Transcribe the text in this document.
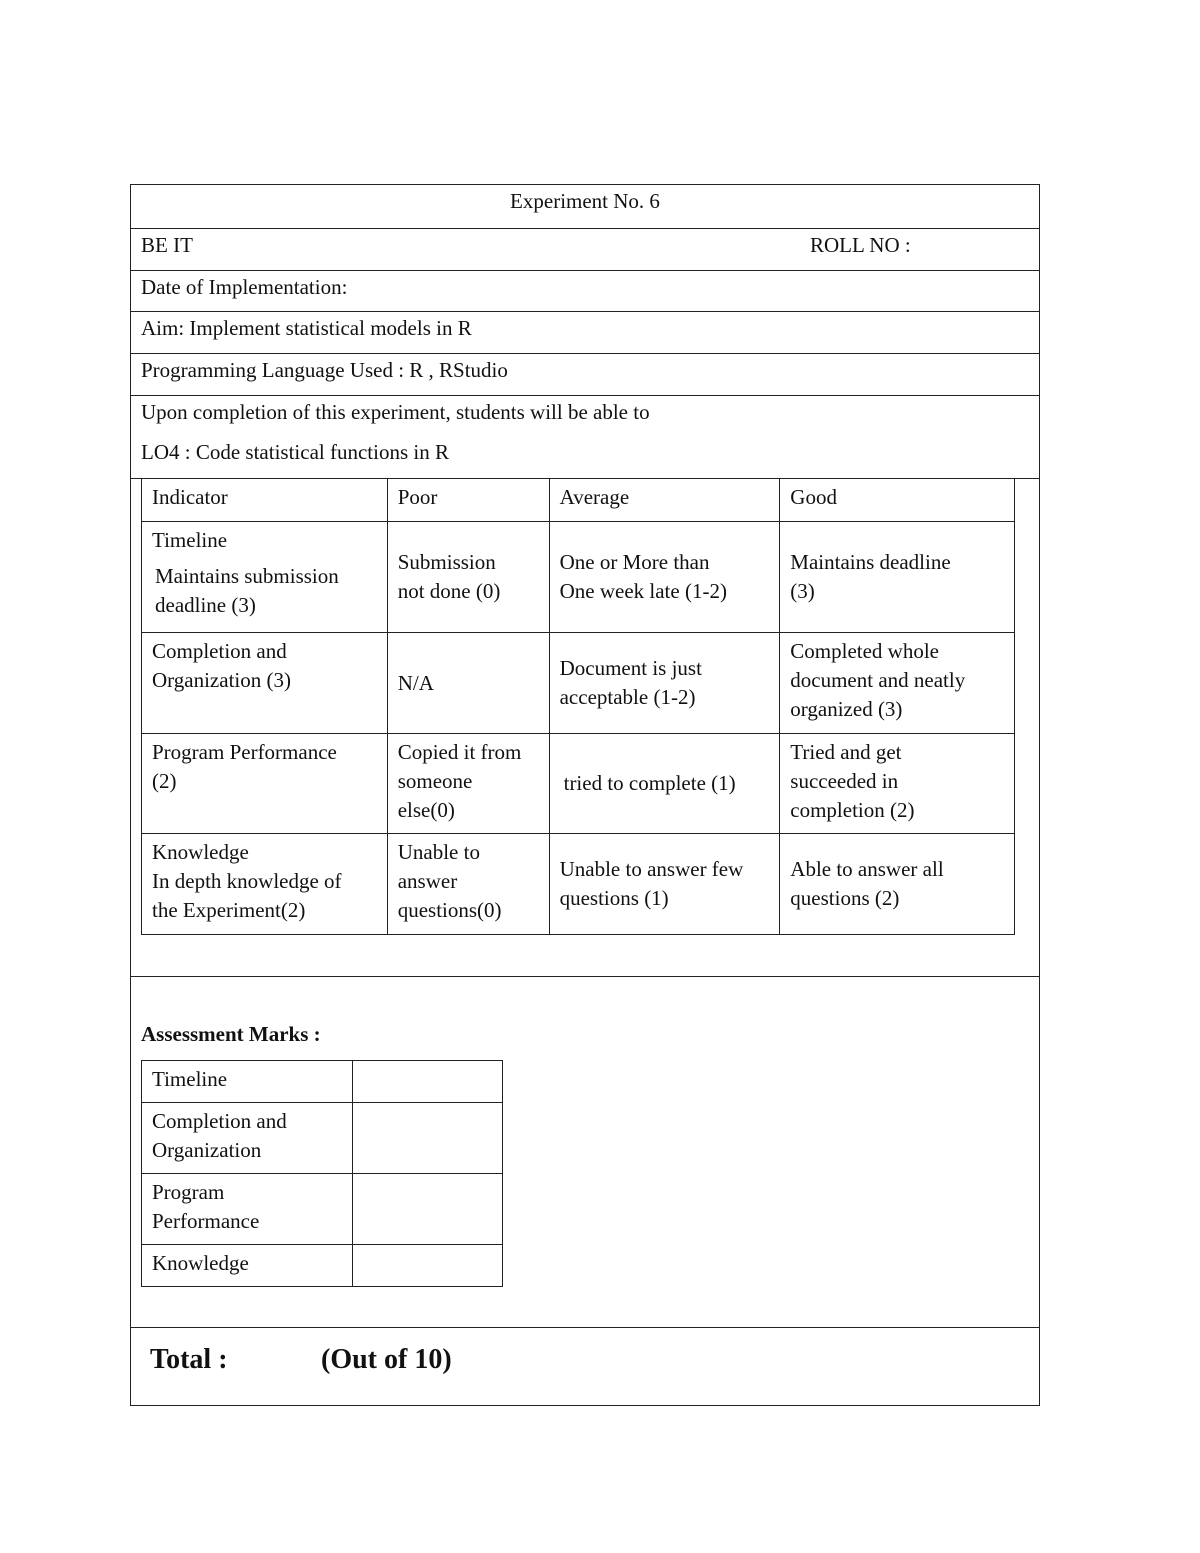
Experiment No. 6
BE IT	ROLL NO :
Date of Implementation:
Aim: Implement statistical models in R
Programming Language Used : R , RStudio
Upon completion of this experiment, students will be able to
LO4 : Code statistical functions in R
Indicator	Poor	Average	Good

Timeline
Maintains submission
deadline (3)	Submission
not done (0)	One or More than
One week late (1-2)	Maintains deadline
(3)

Completion and
Organization (3)	N/A	Document is just
acceptable (1-2)	Completed whole
document and neatly
organized (3)

Program Performance
(2)	Copied it from
someone
else(0)	tried to complete (1)	Tried and get
succeeded in
completion (2)

Knowledge
In depth knowledge of
the Experiment(2)	Unable to
answer
questions(0)	Unable to answer few
questions (1)	Able to answer all
questions (2)
Assessment Marks :
Timeline	

Completion and
Organization	

Program
Performance	

Knowledge	

Total :	(Out of 10)
